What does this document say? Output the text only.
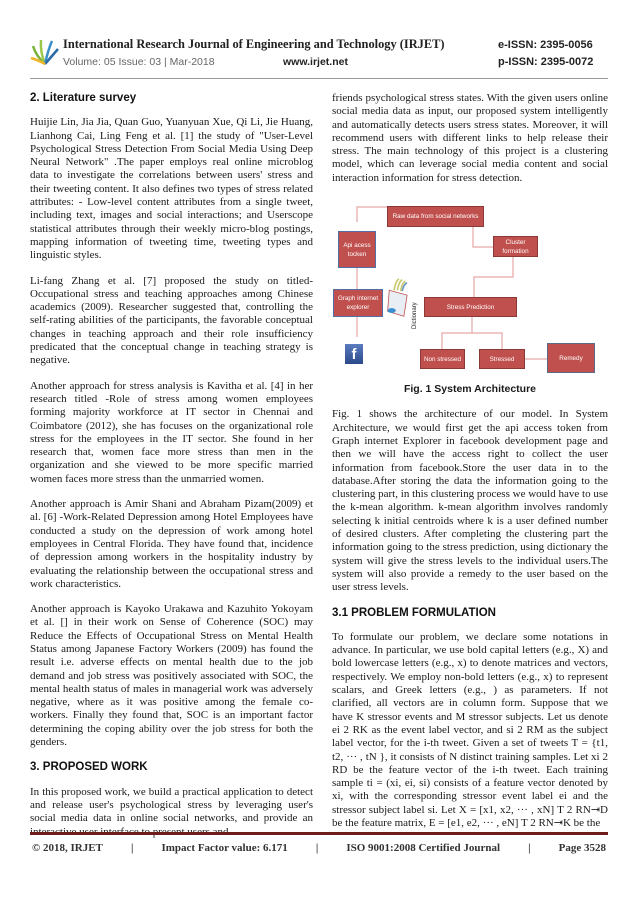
International Research Journal of Engineering and Technology (IRJET)	e-ISSN: 2395-0056
Volume: 05 Issue: 03 | Mar-2018	www.irjet.net	p-ISSN: 2395-0072
2. Literature survey

Huijie Lin, Jia Jia, Quan Guo, Yuanyuan Xue, Qi Li, Jie Huang, Lianhong Cai, Ling Feng et al. [1] the study of "User-Level Psychological Stress Detection From Social Media Using Deep Neural Network" .The paper employs real online microblog data to investigate the correlations between users' stress and their tweeting content. It also defines two types of stress related attributes: - Low-level content attributes from a single tweet, including text, images and social interactions; and Userscope statistical attributes through their weekly micro-blog postings, mapping information of tweeting time, tweeting types and linguistic styles.

Li-fang Zhang et al. [7] proposed the study on titled-Occupational stress and teaching approaches among Chinese academics (2009). Researcher suggested that, controlling the self-rating abilities of the participants, the favorable conceptual changes in teaching approach and their role insufficiency predicated that the conceptual change in teaching strategy is negative.

Another approach for stress analysis is Kavitha et al. [4] in her research titled -Role of stress among women employees forming majority workforce at IT sector in Chennai and Coimbatore (2012), she has focuses on the organizational role stress for the employees in the IT sector. She found in her research that, women face more stress than men in the organization and she viewed to be more specific married women faces more stress than the unmarried women.

Another approach is Amir Shani and Abraham Pizam(2009) et al. [6] -Work-Related Depression among Hotel Employees have conducted a study on the depression of work among hotel employees in Central Florida. They have found that, incidence of depression among workers in the hospitality industry by evaluating the relationship between the occupational stress and work characteristics.

Another approach is Kayoko Urakawa and Kazuhito Yokoyam et al. [] in their work on Sense of Coherence (SOC) may Reduce the Effects of Occupational Stress on Mental Health Status among Japanese Factory Workers (2009) has found the result i.e. adverse effects on mental health due to the job demand and job stress was positively associated with SOC, the mental health status of males in managerial work was adversely negative, where as it was positive among the female co-workers. Finally they found that, SOC is an important factor determining the coping ability over the job stress for both the genders.

3. PROPOSED WORK

In this proposed work, we build a practical application to detect and release user's psychological stress by leveraging user's social media data in online social networks, and provide an

friends psychological stress states. With the given users online social media data as input, our proposed system intelligently and automatically detects users stress states. Moreover, it will recommend users with different links to help release their stress. The main technology of this project is a clustering model, which can leverage social media content and social interaction information for stress detection.

Raw data from social networks
Api acess tocken
Cluster formation
Graph internet explorer	Dictionary	Stress Prediction
Non stressed	Stressed	Remedy
f
Fig. 1 System Architecture

Fig. 1 shows the architecture of our model. In System Architecture, we would first get the api access token from Graph internet Explorer in facebook development page and then we will have the access right to collect the user information from facebook.Store the user data in to the database.After storing the data the information going to the clustering part, in this clustering process we would have to use the k-mean algorithm. k-mean algorithm involves randomly selecting k initial centroids where k is a user defined number of desired clusters. After completing the clustering part the information going to the stress prediction, using dictionary the system will give the stress levels to the individual users.The system will also provide a remedy to the user based on the user stress levels.

3.1 PROBLEM FORMULATION

To formulate our problem, we declare some notations in advance. In particular, we use bold capital letters (e.g., X) and bold lowercase letters (e.g., x) to denote matrices and vectors, respectively. We employ non-bold letters (e.g., x) to represent scalars, and Greek letters (e.g., ) as parameters. If not clarified, all vectors are in column form. Suppose that we have K stressor events and M stressor subjects. Let us denote ei 2 RK as the event label vector, and si 2 RM as the subject label vector, for the i-th tweet. Given a set of tweets T = {t1, t2, ··· , tN }, it consists of N distinct training samples. Let xi 2 RD be the feature vector of the i-th tweet. Each training sample ti = (xi, ei, si) consists of a feature vector denoted by xi, with the corresponding stressor event label ei and the stressor subject label si. Let X = [x1, x2, ··· , xN] T 2 RN⇥D be the feature matrix, E = [e1, e2, ··· , eN] T 2 RN⇥K be the

© 2018, IRJET	|	Impact Factor value: 6.171	|	ISO 9001:2008 Certified Journal	|	Page 3528
